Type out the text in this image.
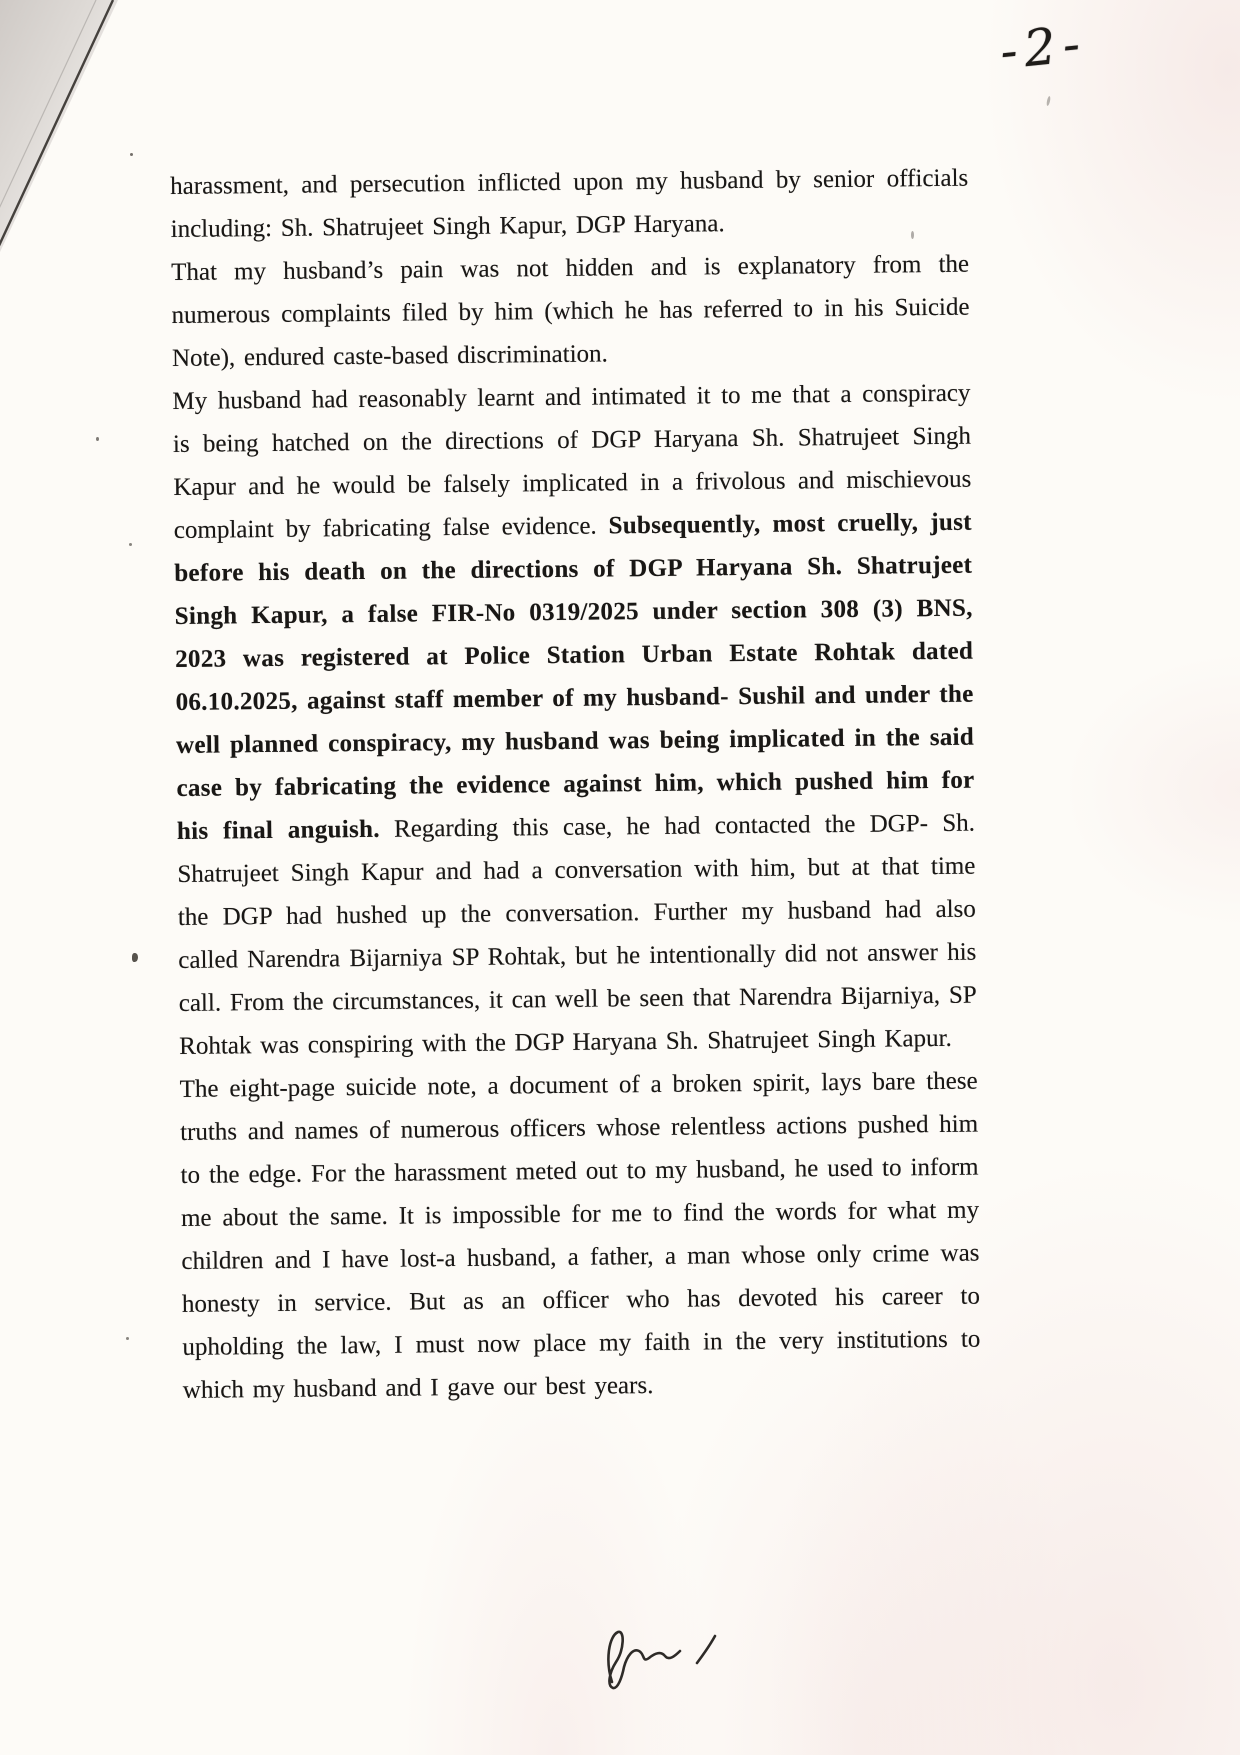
-2-

harassment, and persecution inflicted upon my husband by senior officials including: Sh. Shatrujeet Singh Kapur, DGP Haryana.

That my husband’s pain was not hidden and is explanatory from the numerous complaints filed by him (which he has referred to in his Suicide Note), endured caste-based discrimination.

My husband had reasonably learnt and intimated it to me that a conspiracy is being hatched on the directions of DGP Haryana Sh. Shatrujeet Singh Kapur and he would be falsely implicated in a frivolous and mischievous complaint by fabricating false evidence. Subsequently, most cruelly, just before his death on the directions of DGP Haryana Sh. Shatrujeet Singh Kapur, a false FIR-No 0319/2025 under section 308 (3) BNS, 2023 was registered at Police Station Urban Estate Rohtak dated 06.10.2025, against staff member of my husband- Sushil and under the well planned conspiracy, my husband was being implicated in the said case by fabricating the evidence against him, which pushed him for his final anguish. Regarding this case, he had contacted the DGP- Sh. Shatrujeet Singh Kapur and had a conversation with him, but at that time the DGP had hushed up the conversation. Further my husband had also called Narendra Bijarniya SP Rohtak, but he intentionally did not answer his call. From the circumstances, it can well be seen that Narendra Bijarniya, SP Rohtak was conspiring with the DGP Haryana Sh. Shatrujeet Singh Kapur.

The eight-page suicide note, a document of a broken spirit, lays bare these truths and names of numerous officers whose relentless actions pushed him to the edge. For the harassment meted out to my husband, he used to inform me about the same. It is impossible for me to find the words for what my children and I have lost-a husband, a father, a man whose only crime was honesty in service. But as an officer who has devoted his career to upholding the law, I must now place my faith in the very institutions to which my husband and I gave our best years.
